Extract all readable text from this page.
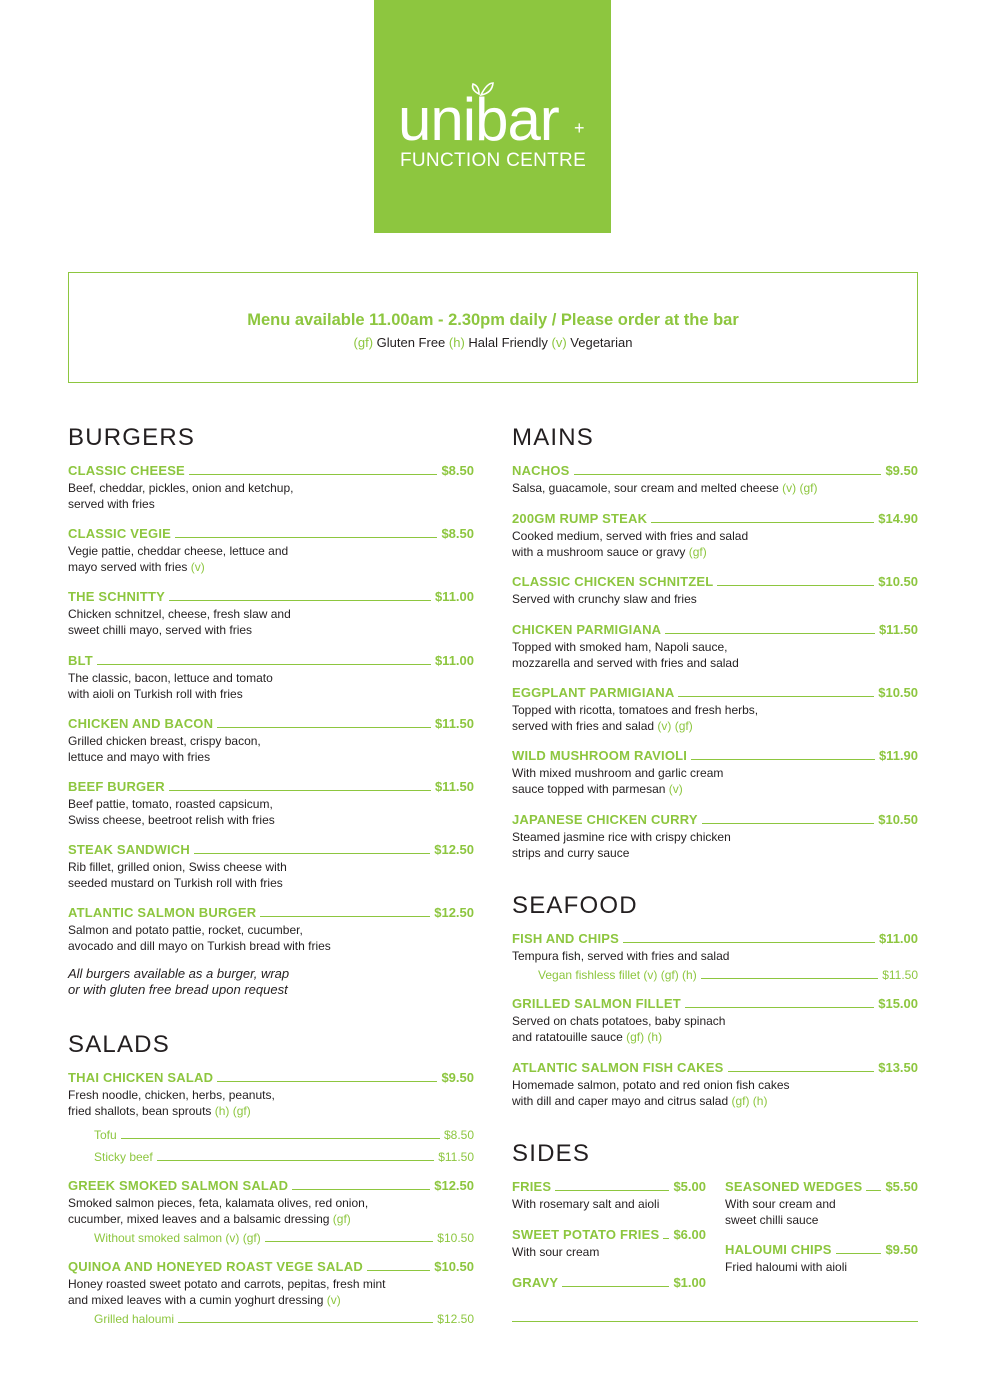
unibar +
FUNCTION CENTRE
Menu available 11.00am - 2.30pm daily / Please order at the bar
(gf) Gluten Free (h) Halal Friendly (v) Vegetarian
BURGERS
CLASSIC CHEESE	$8.50
Beef, cheddar, pickles, onion and ketchup,
served with fries
CLASSIC VEGIE	$8.50
Vegie pattie, cheddar cheese, lettuce and
mayo served with fries (v)
THE SCHNITTY	$11.00
Chicken schnitzel, cheese, fresh slaw and
sweet chilli mayo, served with fries
BLT	$11.00
The classic, bacon, lettuce and tomato
with aioli on Turkish roll with fries
CHICKEN AND BACON	$11.50
Grilled chicken breast, crispy bacon,
lettuce and mayo with fries
BEEF BURGER	$11.50
Beef pattie, tomato, roasted capsicum,
Swiss cheese, beetroot relish with fries
STEAK SANDWICH	$12.50
Rib fillet, grilled onion, Swiss cheese with
seeded mustard on Turkish roll with fries
ATLANTIC SALMON BURGER	$12.50
Salmon and potato pattie, rocket, cucumber,
avocado and dill mayo on Turkish bread with fries
All burgers available as a burger, wrap
or with gluten free bread upon request
SALADS
THAI CHICKEN SALAD	$9.50
Fresh noodle, chicken, herbs, peanuts,
fried shallots, bean sprouts (h) (gf)
Tofu	$8.50
Sticky beef	$11.50
GREEK SMOKED SALMON SALAD	$12.50
Smoked salmon pieces, feta, kalamata olives, red onion,
cucumber, mixed leaves and a balsamic dressing (gf)
Without smoked salmon (v) (gf)	$10.50
QUINOA AND HONEYED ROAST VEGE SALAD	$10.50
Honey roasted sweet potato and carrots, pepitas, fresh mint
and mixed leaves with a cumin yoghurt dressing (v)
Grilled haloumi	$12.50
MAINS
NACHOS	$9.50
Salsa, guacamole, sour cream and melted cheese (v) (gf)
200GM RUMP STEAK	$14.90
Cooked medium, served with fries and salad
with a mushroom sauce or gravy (gf)
CLASSIC CHICKEN SCHNITZEL	$10.50
Served with crunchy slaw and fries
CHICKEN PARMIGIANA	$11.50
Topped with smoked ham, Napoli sauce,
mozzarella and served with fries and salad
EGGPLANT PARMIGIANA	$10.50
Topped with ricotta, tomatoes and fresh herbs,
served with fries and salad (v) (gf)
WILD MUSHROOM RAVIOLI	$11.90
With mixed mushroom and garlic cream
sauce topped with parmesan (v)
JAPANESE CHICKEN CURRY	$10.50
Steamed jasmine rice with crispy chicken
strips and curry sauce
SEAFOOD
FISH AND CHIPS	$11.00
Tempura fish, served with fries and salad
Vegan fishless fillet (v) (gf) (h)	$11.50
GRILLED SALMON FILLET	$15.00
Served on chats potatoes, baby spinach
and ratatouille sauce (gf) (h)
ATLANTIC SALMON FISH CAKES	$13.50
Homemade salmon, potato and red onion fish cakes
with dill and caper mayo and citrus salad (gf) (h)
SIDES
FRIES	$5.00
With rosemary salt and aioli
SWEET POTATO FRIES $6.00
With sour cream
GRAVY	$1.00
SEASONED WEDGES $5.50
With sour cream and
sweet chilli sauce
HALOUMI CHIPS	$9.50
Fried haloumi with aioli
